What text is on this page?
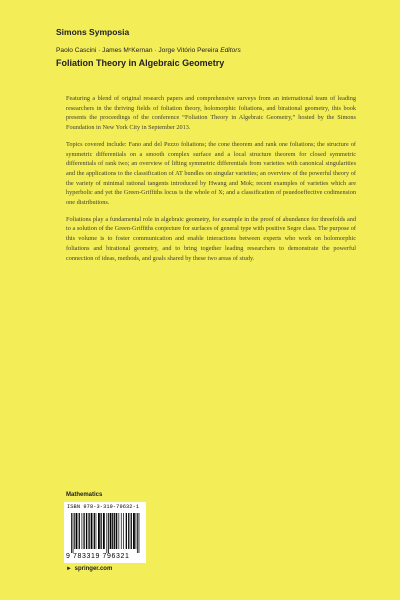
Simons Symposia
Paolo Cascini · James MᶜKernan · Jorge Vitório Pereira Editors
Foliation Theory in Algebraic Geometry

Featuring a blend of original research papers and comprehensive surveys from an international team of leading researchers in the thriving fields of foliation theory, holomorphic foliations, and birational geometry, this book presents the proceedings of the conference “Foliation Theory in Algebraic Geometry,” hosted by the Simons Foundation in New York City in September 2013.

Topics covered include: Fano and del Pezzo foliations; the cone theorem and rank one foliations; the structure of symmetric differentials on a smooth complex surface and a local structure theorem for closed symmetric differentials of rank two; an overview of lifting symmetric differentials from varieties with canonical singularities and the applications to the classification of AT bundles on singular varieties; an overview of the powerful theory of the variety of minimal rational tangents introduced by Hwang and Mok; recent examples of varieties which are hyperbolic and yet the Green-Griffiths locus is the whole of X; and a classification of psuedoeffective codimension one distributions.

Foliations play a fundamental role in algebraic geometry, for example in the proof of abundance for threefolds and to a solution of the Green-Griffiths conjecture for surfaces of general type with positive Segre class. The purpose of this volume is to foster communication and enable interactions between experts who work on holomorphic foliations and birational geometry, and to bring together leading researchers to demonstrate the powerful connection of ideas, methods, and goals shared by these two areas of study.

Mathematics
ISBN 978-3-319-79632-1
9 783319 796321
► springer.com
